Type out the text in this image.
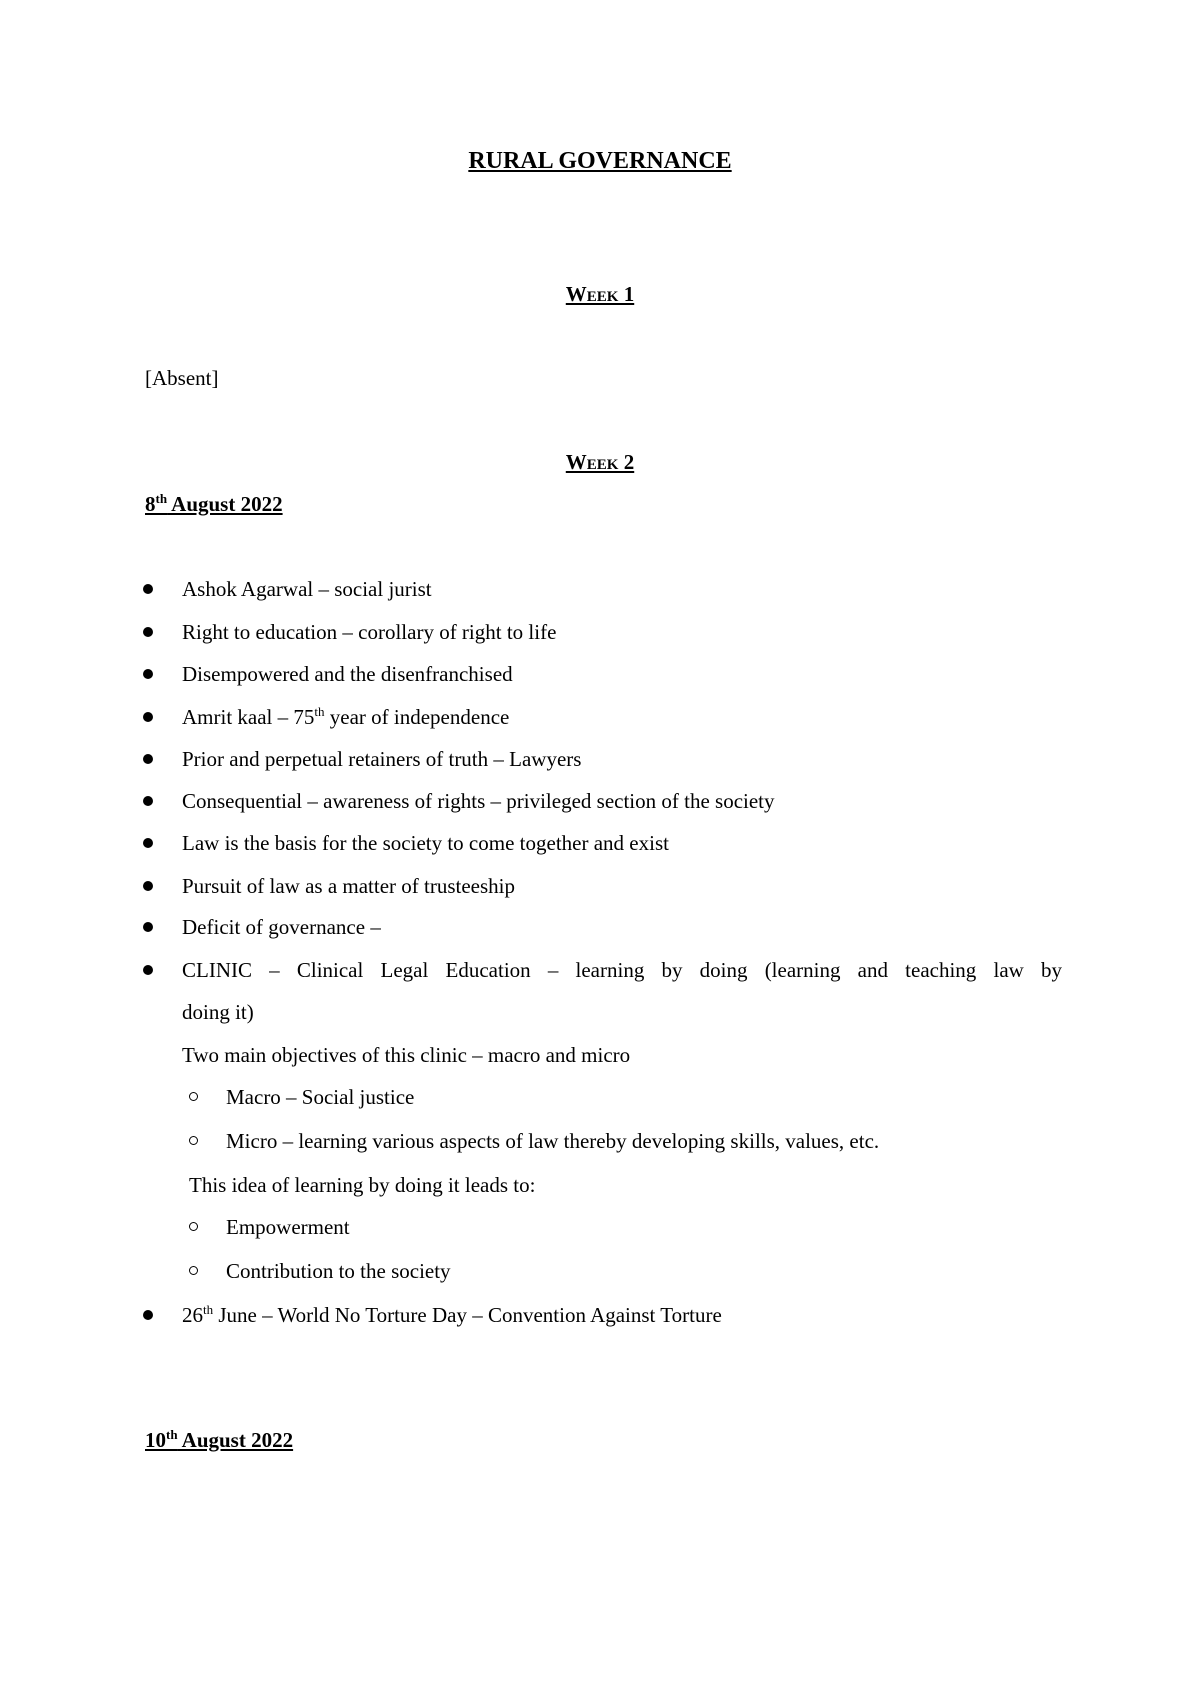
RURAL GOVERNANCE
Week 1
[Absent]
Week 2
8th August 2022
Ashok Agarwal – social jurist
Right to education – corollary of right to life
Disempowered and the disenfranchised
Amrit kaal – 75th year of independence
Prior and perpetual retainers of truth – Lawyers
Consequential – awareness of rights – privileged section of the society
Law is the basis for the society to come together and exist
Pursuit of law as a matter of trusteeship
Deficit of governance –
CLINIC – Clinical Legal Education – learning by doing (learning and teaching law by
doing it)
Two main objectives of this clinic – macro and micro
Macro – Social justice
Micro – learning various aspects of law thereby developing skills, values, etc.
This idea of learning by doing it leads to:
Empowerment
Contribution to the society
26th June – World No Torture Day – Convention Against Torture
10th August 2022
